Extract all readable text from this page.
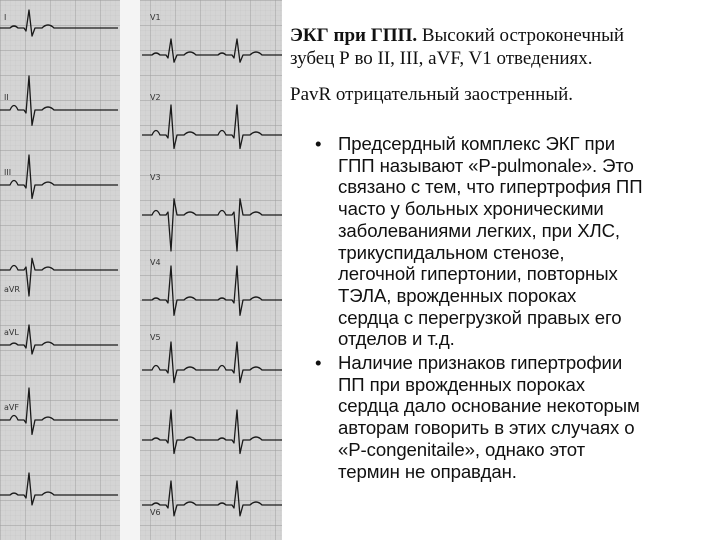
I
II
III
aVR
aVL
aVF
V1
V2
V3
V4
V5
V6

ЭКГ при ГПП. Высокий остроконечный

зубец Р во II, III, aVF, V1 отведениях.

PavR отрицательный заостренный.

• Предсердный комплекс ЭКГ при
ГПП называют «P-pulmonale». Это
связано с тем, что гипертрофия ПП
часто у больных хроническими
заболеваниями легких, при ХЛС,
трикуспидальном стенозе,
легочной гипертонии, повторных
ТЭЛА, врожденных пороках
сердца с перегрузкой правых его
отделов и т.д.
• Наличие признаков гипертрофии
ПП при врожденных пороках
сердца дало основание некоторым
авторам говорить в этих случаях о
«P-congenitaile», однако этот
термин не оправдан.
